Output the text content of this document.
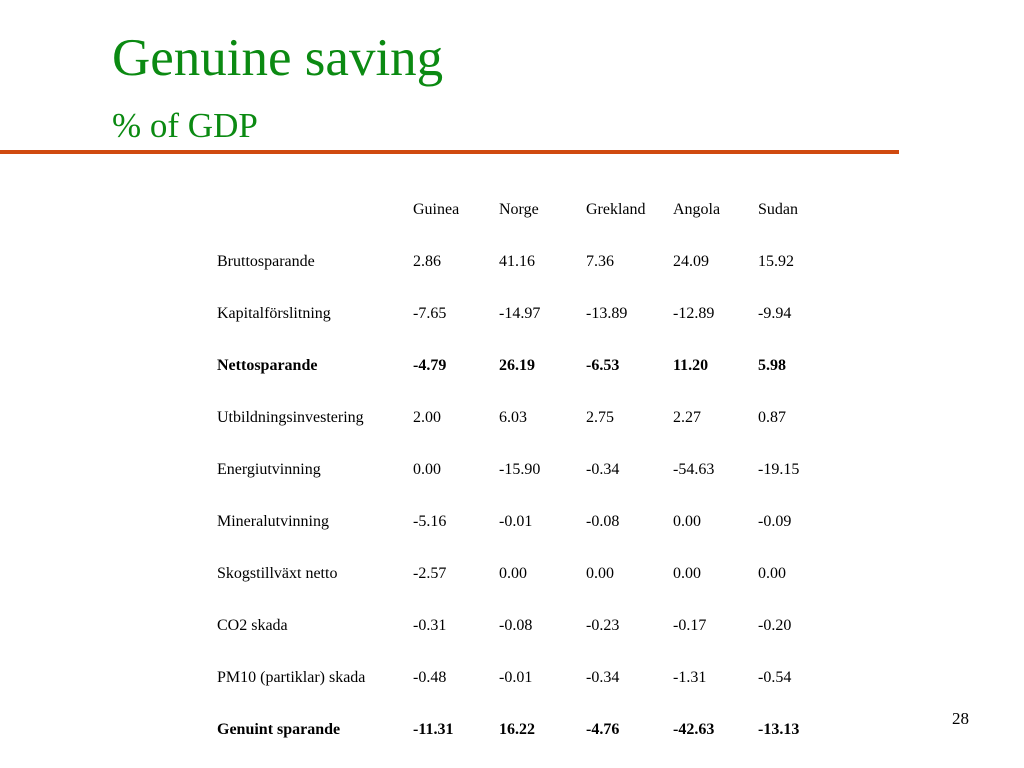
Genuine saving
% of GDP
	Guinea	Norge	Grekland	Angola	Sudan
Bruttosparande	2.86	41.16	7.36	24.09	15.92
Kapitalförslitning	-7.65	-14.97	-13.89	-12.89	-9.94
Nettosparande	-4.79	26.19	-6.53	11.20	5.98
Utbildningsinvestering	2.00	6.03	2.75	2.27	0.87
Energiutvinning	0.00	-15.90	-0.34	-54.63	-19.15
Mineralutvinning	-5.16	-0.01	-0.08	0.00	-0.09
Skogstillväxt netto	-2.57	0.00	0.00	0.00	0.00
CO2 skada	-0.31	-0.08	-0.23	-0.17	-0.20
PM10 (partiklar) skada	-0.48	-0.01	-0.34	-1.31	-0.54
Genuint sparande	-11.31	16.22	-4.76	-42.63	-13.13
28
